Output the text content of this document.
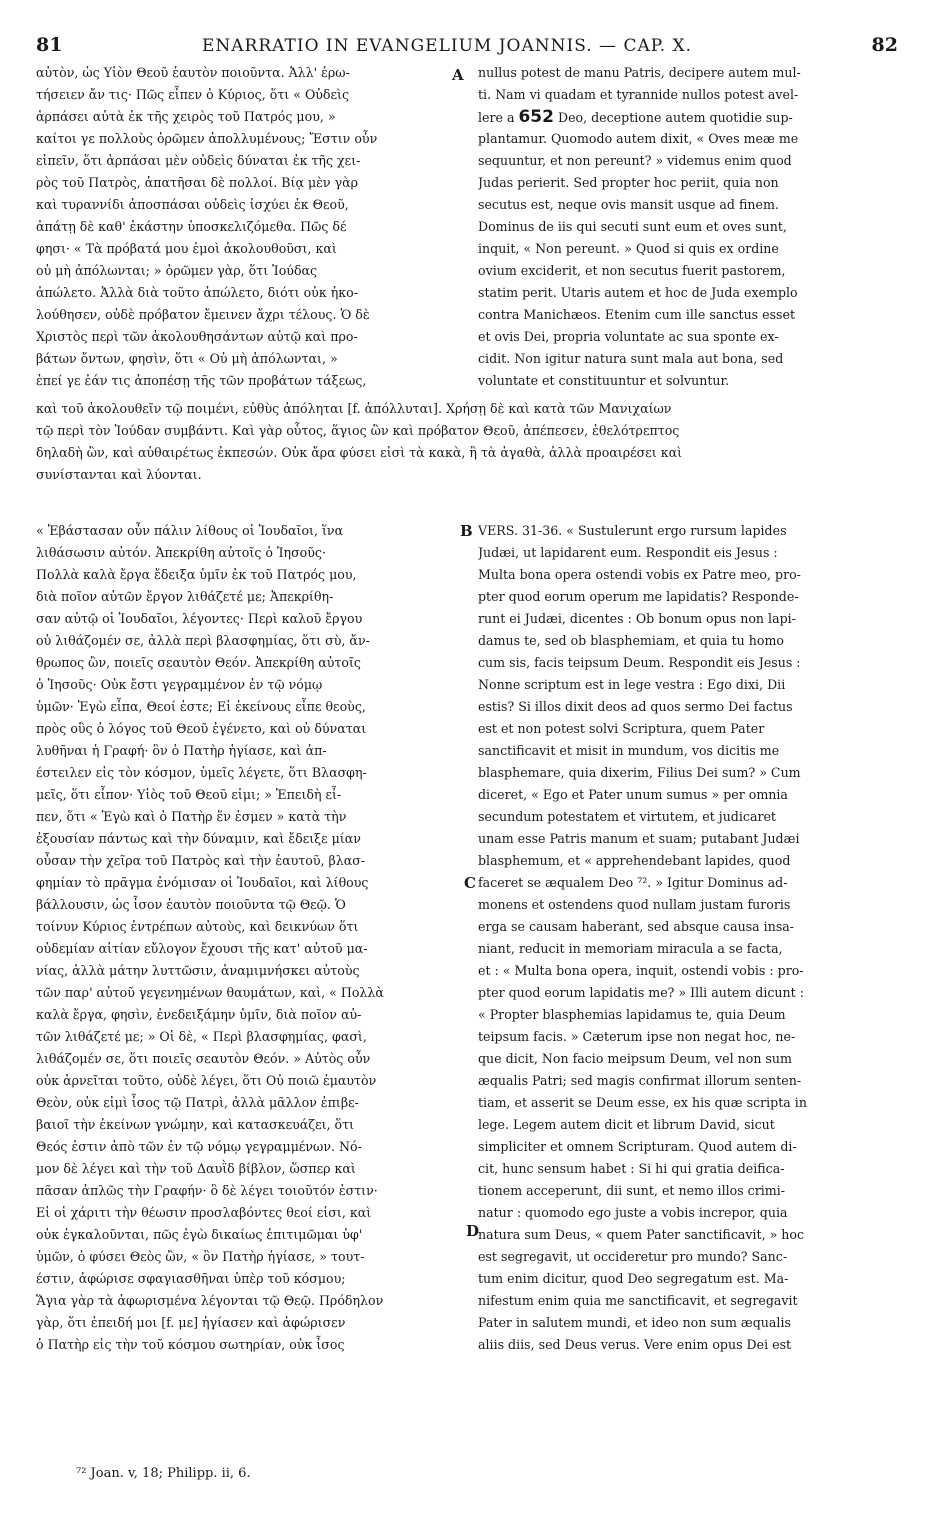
81	ENARRATIO IN EVANGELIUM JOANNIS. — CAP. X.	82
αὐτὸν, ὡς Υἱὸν Θεοῦ ἑαυτὸν ποιοῦντα. Ἀλλ' ἐρω-
τήσειεν ἄν τις· Πῶς εἶπεν ὁ Κύριος, ὅτι « Οὐδεὶς
ἁρπάσει αὐτὰ ἐκ τῆς χειρὸς τοῦ Πατρός μου, »
καίτοι γε πολλοὺς ὁρῶμεν ἀπολλυμένους; Ἔστιν οὖν
εἰπεῖν, ὅτι ἁρπάσαι μὲν οὐδεὶς δύναται ἐκ τῆς χει-
ρὸς τοῦ Πατρὸς, ἀπατῆσαι δὲ πολλοί. Βίᾳ μὲν γὰρ
καὶ τυραννίδι ἀποσπάσαι οὐδεὶς ἰσχύει ἐκ Θεοῦ,
ἀπάτῃ δὲ καθ' ἑκάστην ὑποσκελιζόμεθα. Πῶς δέ
φησι· « Τὰ πρόβατά μου ἐμοὶ ἀκολουθοῦσι, καὶ
οὐ μὴ ἀπόλωνται; » ὁρῶμεν γὰρ, ὅτι Ἰούδας
ἀπώλετο. Ἀλλὰ διὰ τοῦτο ἀπώλετο, διότι οὐκ ἠκο-
λούθησεν, οὐδὲ πρόβατον ἔμεινεν ἄχρι τέλους. Ὁ δὲ
Χριστὸς περὶ τῶν ἀκολουθησάντων αὐτῷ καὶ προ-
βάτων ὄντων, φησὶν, ὅτι « Οὐ μὴ ἀπόλωνται, »
ἐπεί γε ἐάν τις ἀποπέσῃ τῆς τῶν προβάτων τάξεως,
nullus potest de manu Patris, decipere autem mul-
ti. Nam vi quadam et tyrannide nullos potest avel-
lere a 652 Deo, deceptione autem quotidie sup-
plantamur. Quomodo autem dixit, « Oves meæ me
sequuntur, et non pereunt? » videmus enim quod
Judas perierit. Sed propter hoc periit, quia non
secutus est, neque ovis mansit usque ad finem.
Dominus de iis qui secuti sunt eum et oves sunt,
inquit, « Non pereunt. » Quod si quis ex ordine
ovium exciderit, et non secutus fuerit pastorem,
statim perit. Utaris autem et hoc de Juda exemplo
contra Manichæos. Etenim cum ille sanctus esset
et ovis Dei, propria voluntate ac sua sponte ex-
cidit. Non igitur natura sunt mala aut bona, sed
voluntate et constituuntur et solvuntur.
καὶ τοῦ ἀκολουθεῖν τῷ ποιμένι, εὐθὺς ἀπόληται [f. ἀπόλλυται]. Χρήσῃ δὲ καὶ κατὰ τῶν Μανιχαίων
τῷ περὶ τὸν Ἰούδαν συμβάντι. Καὶ γὰρ οὗτος, ἅγιος ὢν καὶ πρόβατον Θεοῦ, ἀπέπεσεν, ἐθελότρεπτος
δηλαδὴ ὢν, καὶ αὐθαιρέτως ἐκπεσών. Οὐκ ἄρα φύσει εἰσὶ τὰ κακὰ, ἢ τὰ ἀγαθὰ, ἀλλὰ προαιρέσει καὶ
συνίστανται καὶ λύονται.
« Ἐβάστασαν οὖν πάλιν λίθους οἱ Ἰουδαῖοι, ἵνα
λιθάσωσιν αὐτόν. Ἀπεκρίθη αὐτοῖς ὁ Ἰησοῦς·
Πολλὰ καλὰ ἔργα ἔδειξα ὑμῖν ἐκ τοῦ Πατρός μου,
διὰ ποῖον αὐτῶν ἔργον λιθάζετέ με; Ἀπεκρίθη-
σαν αὐτῷ οἱ Ἰουδαῖοι, λέγοντες· Περὶ καλοῦ ἔργου
οὐ λιθάζομέν σε, ἀλλὰ περὶ βλασφημίας, ὅτι σὺ, ἄν-
θρωπος ὢν, ποιεῖς σεαυτὸν Θεόν. Ἀπεκρίθη αὐτοῖς
ὁ Ἰησοῦς· Οὐκ ἔστι γεγραμμένον ἐν τῷ νόμῳ
ὑμῶν· Ἐγὼ εἶπα, Θεοί ἐστε; Εἰ ἐκείνους εἶπε θεοὺς,
πρὸς οὓς ὁ λόγος τοῦ Θεοῦ ἐγένετο, καὶ οὐ δύναται
λυθῆναι ἡ Γραφή· ὃν ὁ Πατὴρ ἡγίασε, καὶ ἀπ-
έστειλεν εἰς τὸν κόσμον, ὑμεῖς λέγετε, ὅτι Βλασφη-
μεῖς, ὅτι εἶπον· Υἱὸς τοῦ Θεοῦ εἰμι; » Ἐπειδὴ εἶ-
πεν, ὅτι « Ἐγὼ καὶ ὁ Πατὴρ ἕν ἐσμεν » κατὰ τὴν
ἐξουσίαν πάντως καὶ τὴν δύναμιν, καὶ ἔδειξε μίαν
οὖσαν τὴν χεῖρα τοῦ Πατρὸς καὶ τὴν ἑαυτοῦ, βλασ-
φημίαν τὸ πρᾶγμα ἐνόμισαν οἱ Ἰουδαῖοι, καὶ λίθους
βάλλουσιν, ὡς ἶσον ἑαυτὸν ποιοῦντα τῷ Θεῷ. Ὁ
τοίνυν Κύριος ἐντρέπων αὐτοὺς, καὶ δεικνύων ὅτι
οὐδεμίαν αἰτίαν εὔλογον ἔχουσι τῆς κατ' αὐτοῦ μα-
νίας, ἀλλὰ μάτην λυττῶσιν, ἀναμιμνήσκει αὐτοὺς
τῶν παρ' αὐτοῦ γεγενημένων θαυμάτων, καὶ, « Πολλὰ
καλὰ ἔργα, φησὶν, ἐνεδειξάμην ὑμῖν, διὰ ποῖον αὐ-
τῶν λιθάζετέ με; » Οἱ δὲ, « Περὶ βλασφημίας, φασὶ,
λιθάζομέν σε, ὅτι ποιεῖς σεαυτὸν Θεόν. » Αὐτὸς οὖν
οὐκ ἀρνεῖται τοῦτο, οὐδὲ λέγει, ὅτι Οὐ ποιῶ ἐμαυτὸν
Θεὸν, οὐκ εἰμὶ ἶσος τῷ Πατρὶ, ἀλλὰ μᾶλλον ἐπιβε-
βαιοῖ τὴν ἐκείνων γνώμην, καὶ κατασκευάζει, ὅτι
Θεός ἐστιν ἀπὸ τῶν ἐν τῷ νόμῳ γεγραμμένων. Νό-
μον δὲ λέγει καὶ τὴν τοῦ Δαυῒδ βίβλον, ὥσπερ καὶ
πᾶσαν ἁπλῶς τὴν Γραφήν· ὃ δὲ λέγει τοιοῦτόν ἐστιν·
Εἰ οἱ χάριτι τὴν θέωσιν προσλαβόντες θεοί εἰσι, καὶ
οὐκ ἐγκαλοῦνται, πῶς ἐγὼ δικαίως ἐπιτιμῶμαι ὑφ'
ὑμῶν, ὁ φύσει Θεὸς ὢν, « ὃν Πατὴρ ἡγίασε, » τουτ-
έστιν, ἀφώρισε σφαγιασθῆναι ὑπὲρ τοῦ κόσμου;
Ἅγια γὰρ τὰ ἀφωρισμένα λέγονται τῷ Θεῷ. Πρόδηλον
γὰρ, ὅτι ἐπειδή μοι [f. με] ἡγίασεν καὶ ἀφώρισεν
ὁ Πατὴρ εἰς τὴν τοῦ κόσμου σωτηρίαν, οὐκ ἶσος
VERS. 31-36. « Sustulerunt ergo rursum lapides
Judæi, ut lapidarent eum. Respondit eis Jesus :
Multa bona opera ostendi vobis ex Patre meo, pro-
pter quod eorum operum me lapidatis? Responde-
runt ei Judæi, dicentes : Ob bonum opus non lapi-
damus te, sed ob blasphemiam, et quia tu homo
cum sis, facis teipsum Deum. Respondit eis Jesus :
Nonne scriptum est in lege vestra : Ego dixi, Dii
estis? Si illos dixit deos ad quos sermo Dei factus
est et non potest solvi Scriptura, quem Pater
sanctificavit et misit in mundum, vos dicitis me
blasphemare, quia dixerim, Filius Dei sum? » Cum
diceret, « Ego et Pater unum sumus » per omnia
secundum potestatem et virtutem, et judicaret
unam esse Patris manum et suam; putabant Judæi
blasphemum, et « apprehendebant lapides, quod
faceret se æqualem Deo ⁷². » Igitur Dominus ad-
monens et ostendens quod nullam justam furoris
erga se causam haberant, sed absque causa insa-
niant, reducit in memoriam miracula a se facta,
et : « Multa bona opera, inquit, ostendi vobis : pro-
pter quod eorum lapidatis me? » Illi autem dicunt :
« Propter blasphemias lapidamus te, quia Deum
teipsum facis. » Cæterum ipse non negat hoc, ne-
que dicit, Non facio meipsum Deum, vel non sum
æqualis Patri; sed magis confirmat illorum senten-
tiam, et asserit se Deum esse, ex his quæ scripta in
lege. Legem autem dicit et librum David, sicut
simpliciter et omnem Scripturam. Quod autem di-
cit, hunc sensum habet : Si hi qui gratia deifica-
tionem acceperunt, dii sunt, et nemo illos crimi-
natur : quomodo ego juste a vobis increpor, quia
natura sum Deus, « quem Pater sanctificavit, » hoc
est segregavit, ut occideretur pro mundo? Sanc-
tum enim dicitur, quod Deo segregatum est. Ma-
nifestum enim quia me sanctificavit, et segregavit
Pater in salutem mundi, et ideo non sum æqualis
aliis diis, sed Deus verus. Vere enim opus Dei est
A
B
C
D
⁷² Joan. v, 18; Philipp. ii, 6.
